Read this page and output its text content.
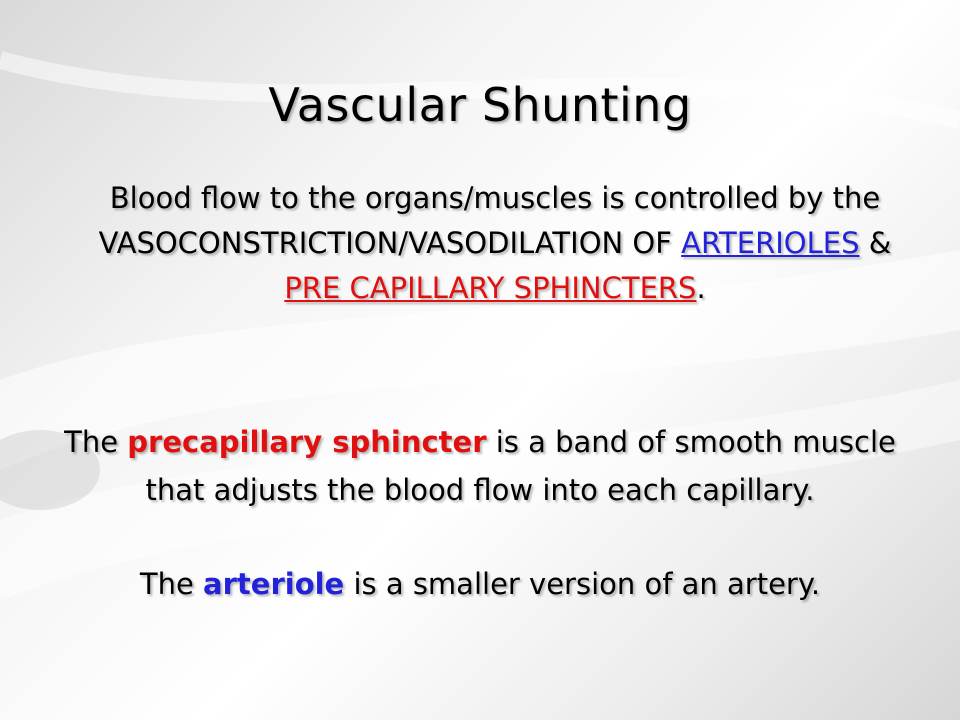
Vascular Shunting
Blood flow to the organs/muscles is controlled by the VASOCONSTRICTION/VASODILATION OF ARTERIOLES & PRE CAPILLARY SPHINCTERS.
The precapillary sphincter is a band of smooth muscle that adjusts the blood flow into each capillary.
The arteriole is a smaller version of an artery.
